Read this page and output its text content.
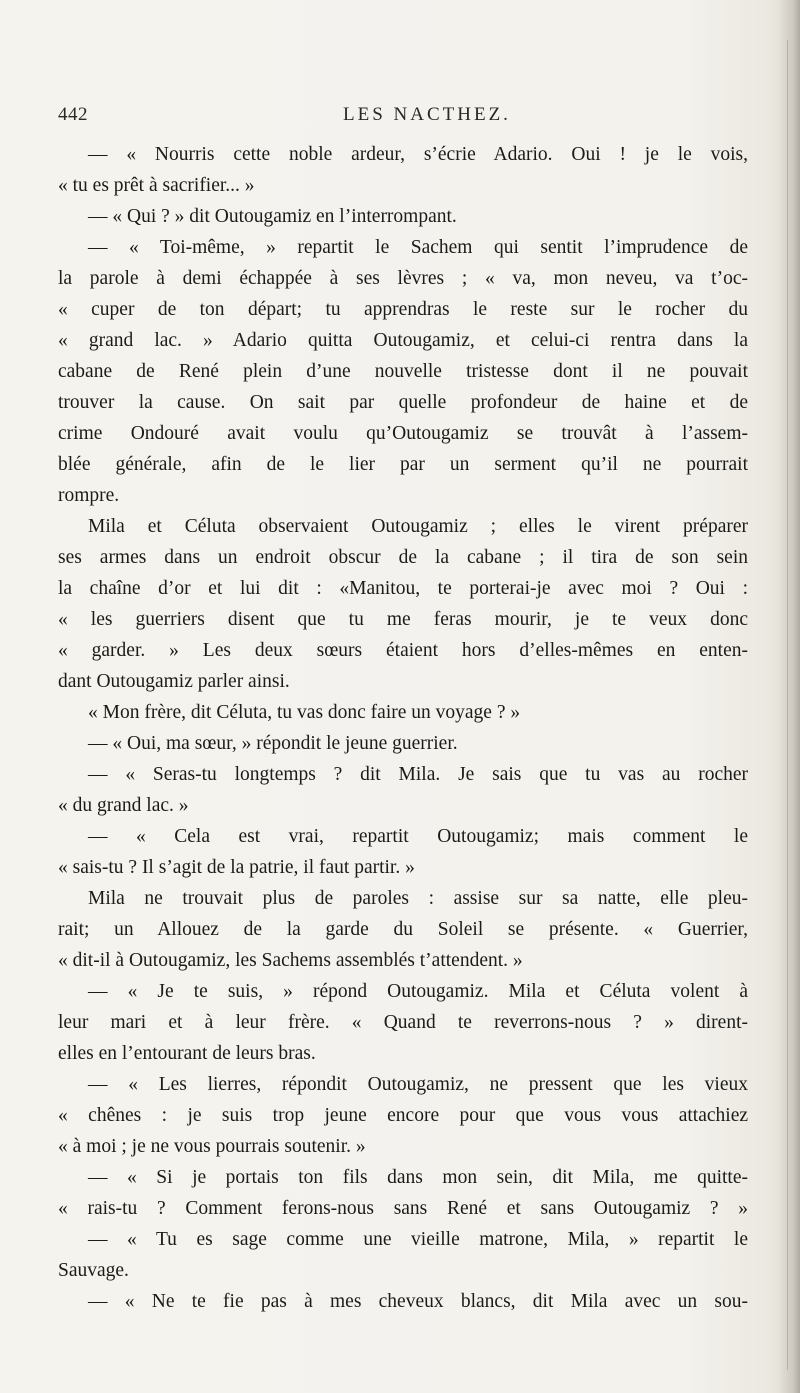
442	LES NACTHEZ.
— « Nourris cette noble ardeur, s’écrie Adario. Oui ! je le vois,
« tu es prêt à sacrifier... »
— « Qui ? » dit Outougamiz en l’interrompant.
— « Toi-même, » repartit le Sachem qui sentit l’imprudence de
la parole à demi échappée à ses lèvres ; « va, mon neveu, va t’oc-
« cuper de ton départ; tu apprendras le reste sur le rocher du
« grand lac. » Adario quitta Outougamiz, et celui-ci rentra dans la
cabane de René plein d’une nouvelle tristesse dont il ne pouvait
trouver la cause. On sait par quelle profondeur de haine et de
crime Ondouré avait voulu qu’Outougamiz se trouvât à l’assem-
blée générale, afin de le lier par un serment qu’il ne pourrait
rompre.
Mila et Céluta observaient Outougamiz ; elles le virent préparer
ses armes dans un endroit obscur de la cabane ; il tira de son sein
la chaîne d’or et lui dit : «Manitou, te porterai-je avec moi ? Oui :
« les guerriers disent que tu me feras mourir, je te veux donc
« garder. » Les deux sœurs étaient hors d’elles-mêmes en enten-
dant Outougamiz parler ainsi.
« Mon frère, dit Céluta, tu vas donc faire un voyage ? »
— « Oui, ma sœur, » répondit le jeune guerrier.
— « Seras-tu longtemps ? dit Mila. Je sais que tu vas au rocher
« du grand lac. »
— « Cela est vrai, repartit Outougamiz; mais comment le
« sais-tu ? Il s’agit de la patrie, il faut partir. »
Mila ne trouvait plus de paroles : assise sur sa natte, elle pleu-
rait; un Allouez de la garde du Soleil se présente. « Guerrier,
« dit-il à Outougamiz, les Sachems assemblés t’attendent. »
— « Je te suis, » répond Outougamiz. Mila et Céluta volent à
leur mari et à leur frère. « Quand te reverrons-nous ? » dirent-
elles en l’entourant de leurs bras.
— « Les lierres, répondit Outougamiz, ne pressent que les vieux
« chênes : je suis trop jeune encore pour que vous vous attachiez
« à moi ; je ne vous pourrais soutenir. »
— « Si je portais ton fils dans mon sein, dit Mila, me quitte-
« rais-tu ? Comment ferons-nous sans René et sans Outougamiz ? »
— « Tu es sage comme une vieille matrone, Mila, » repartit le
Sauvage.
— « Ne te fie pas à mes cheveux blancs, dit Mila avec un sou-
